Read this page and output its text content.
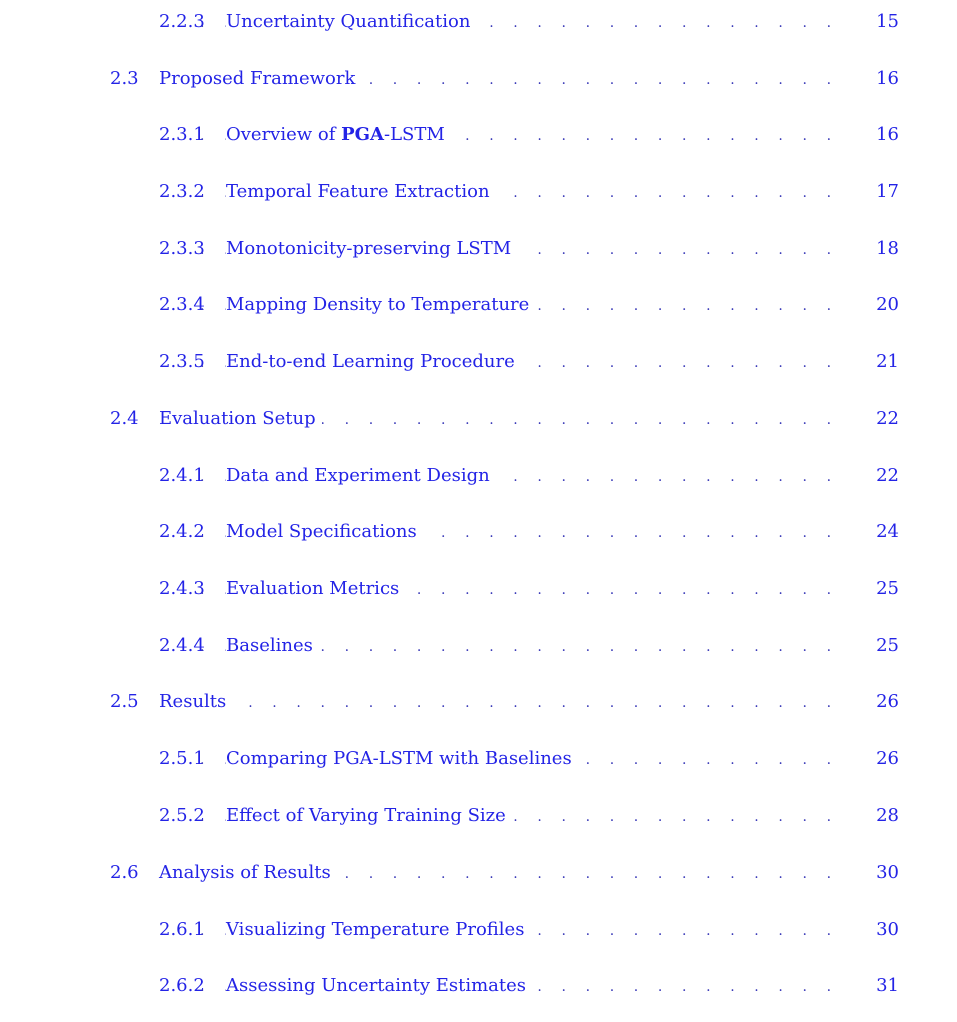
2.2.3 Uncertainty Quantification . . .	15
2.3 Proposed Framework . . .	16
2.3.1 Overview of PGA-LSTM . . .	16
2.3.2 Temporal Feature Extraction . . .	17
2.3.3 Monotonicity-preserving LSTM . . .	18
2.3.4 Mapping Density to Temperature . . .	20
2.3.5 End-to-end Learning Procedure . . .	21
2.4 Evaluation Setup . . .	22
2.4.1 Data and Experiment Design . . .	22
2.4.2 Model Specifications . . .	24
2.4.3 Evaluation Metrics . . .	25
2.4.4 Baselines . . .	25
2.5 Results . . .	26
2.5.1 Comparing PGA-LSTM with Baselines . . .	26
2.5.2 Effect of Varying Training Size . . .	28
2.6 Analysis of Results . . .	30
2.6.1 Visualizing Temperature Profiles . . .	30
2.6.2 Assessing Uncertainty Estimates . . .	31
